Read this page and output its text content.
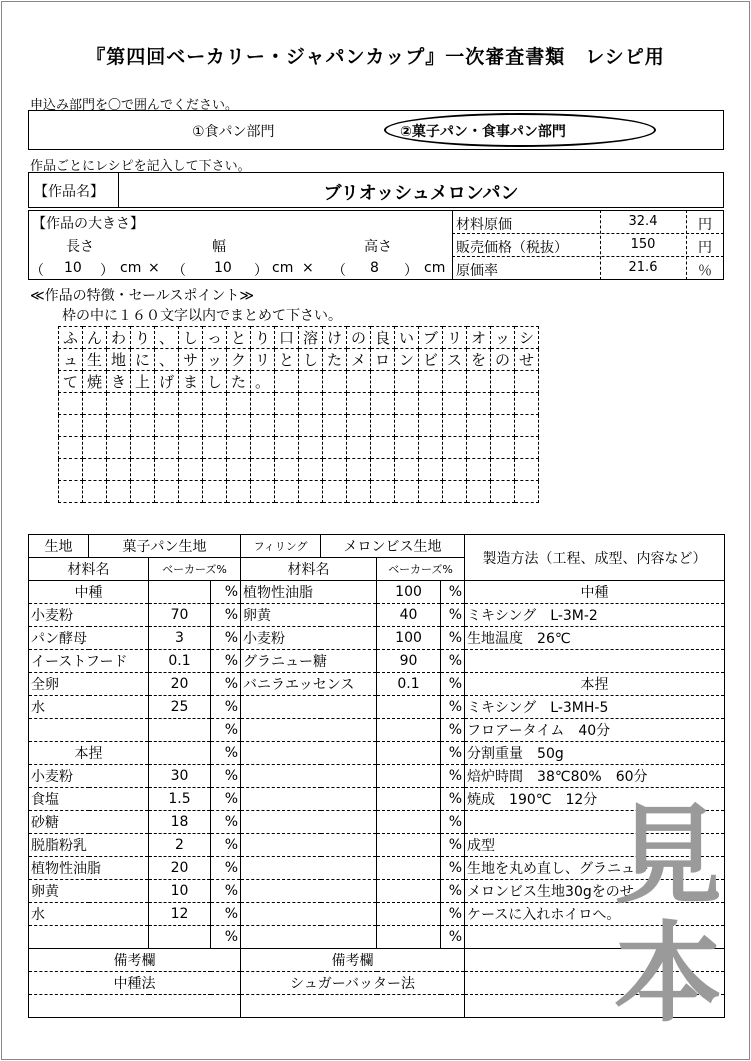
『第四回ベーカリー・ジャパンカップ』一次審査書類　レシピ用
申込み部門を〇で囲んでください。
①食パン部門	②菓子パン・食事パン部門
作品ごとにレシピを記入して下さい。
【作品名】	ブリオッシュメロンパン
【作品の大きさ】
長さ	幅	高さ
（ 10 ） cm × （ 10 ） cm × （ 8 ） cm
材料原価	32.4	円
販売価格（税抜）	150	円
原価率	21.6	％
≪作品の特徴・セールスポイント≫
枠の中に１６０文字以内でまとめて下さい。
ふ	ん	わ	り	、	し	っ	と	り	口	溶	け	の	良	い	ブ	リ	オ	ッ	シ
ュ	生	地	に	、	サ	ッ	ク	リ	と	し	た	メ	ロ	ン	ビ	ス	を	の	せ
て	焼	き	上	げ	ま	し	た	。											

生地	菓子パン生地			フィリング	メロンビス生地			製造方法（工程、成型、内容など）
材料名		ベーカーズ%		材料名		ベーカーズ%		
中種			%	植物性油脂		100	%	中種
小麦粉		70	%	卵黄		40	%	ミキシング　L-3M-2
パン酵母		3	%	小麦粉		100	%	生地温度　26℃
イーストフード		0.1	%	グラニュー糖		90	%	
全卵		20	%	バニラエッセンス		0.1	%	本捏
水		25	%				%	ミキシング　L-3MH-5
			%				%	フロアータイム　40分
本捏			%				%	分割重量　50g
小麦粉		30	%				%	焙炉時間　38℃80%　60分
食塩		1.5	%				%	焼成　190℃　12分
砂糖		18	%				%	
脱脂粉乳		2	%				%	成型
植物性油脂		20	%				%	生地を丸め直し、グラニュー
卵黄		10	%				%	メロンビス生地30gをのせ
水		12	%				%	ケースに入れホイロへ。
			%				%	
備考欄				備考欄				
中種法				シュガーバッター法				

見本
